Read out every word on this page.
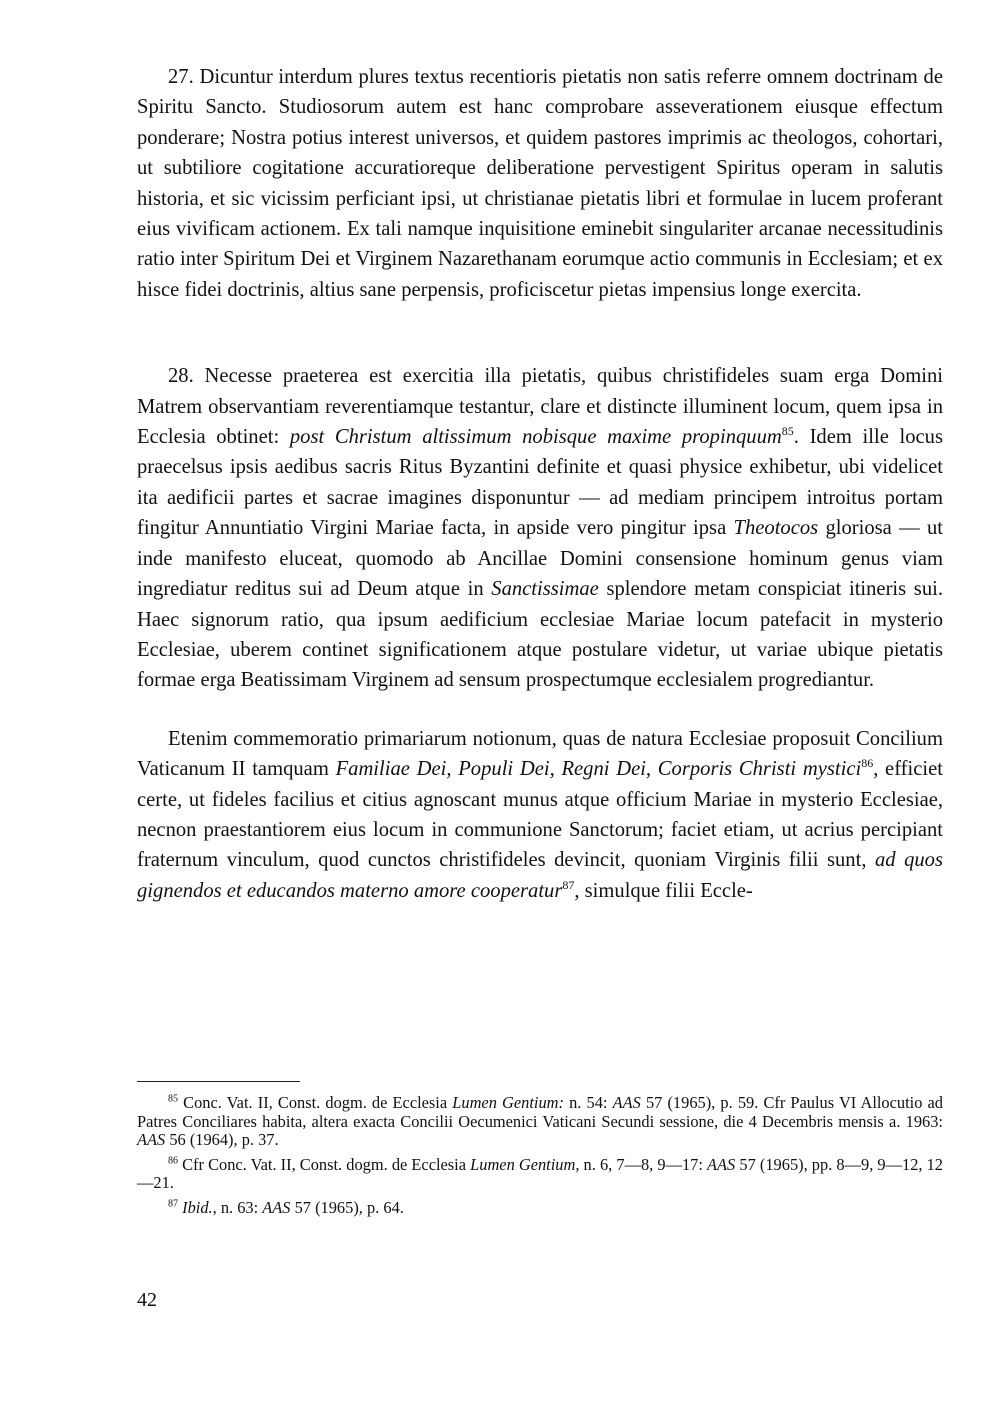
27. Dicuntur interdum plures textus recentioris pietatis non satis referre omnem doctrinam de Spiritu Sancto. Studiosorum autem est hanc comprobare asseverationem eiusque effectum ponderare; Nostra potius interest universos, et quidem pastores imprimis ac theologos, cohortari, ut subtiliore cogitatione accuratioreque deliberatione pervestigent Spiritus operam in salutis historia, et sic vicissim perficiant ipsi, ut christianae pietatis libri et formulae in lucem proferant eius vivificam actionem. Ex tali namque inquisitione eminebit singulariter arcanae necessitudinis ratio inter Spiritum Dei et Virginem Nazarethanam eorumque actio communis in Ecclesiam; et ex hisce fidei doctrinis, altius sane perpensis, proficiscetur pietas impensius longe exercita.

28. Necesse praeterea est exercitia illa pietatis, quibus christifideles suam erga Domini Matrem observantiam reverentiamque testantur, clare et distincte illuminent locum, quem ipsa in Ecclesia obtinet: post Christum altissimum nobisque maxime propinquum$^{85}$. Idem ille locus praecelsus ipsis aedibus sacris Ritus Byzantini definite et quasi physice exhibetur, ubi videlicet ita aedificii partes et sacrae imagines disponuntur — ad mediam principem introitus portam fingitur Annuntiatio Virgini Mariae facta, in apside vero pingitur ipsa Theotocos gloriosa — ut inde manifesto eluceat, quomodo ab Ancillae Domini consensione hominum genus viam ingrediatur reditus sui ad Deum atque in Sanctissimae splendore metam conspiciat itineris sui. Haec signorum ratio, qua ipsum aedificium ecclesiae Mariae locum patefacit in mysterio Ecclesiae, uberem continet significationem atque postulare videtur, ut variae ubique pietatis formae erga Beatissimam Virginem ad sensum prospectumque ecclesialem progrediantur.

Etenim commemoratio primariarum notionum, quas de natura Ecclesiae proposuit Concilium Vaticanum II tamquam Familiae Dei, Populi Dei, Regni Dei, Corporis Christi mystici$^{86}$, efficiet certe, ut fideles facilius et citius agnoscant munus atque officium Mariae in mysterio Ecclesiae, necnon praestantiorem eius locum in communione Sanctorum; faciet etiam, ut acrius percipiant fraternum vinculum, quod cunctos christifideles devincit, quoniam Virginis filii sunt, ad quos gignendos et educandos materno amore cooperatur$^{87}$, simulque filii Eccle-

$^{85}$ Conc. Vat. II, Const. dogm. de Ecclesia Lumen Gentium: n. 54: AAS 57 (1965), p. 59. Cfr Paulus VI Allocutio ad Patres Conciliares habita, altera exacta Concilii Oecumenici Vaticani Secundi sessione, die 4 Decembris mensis a. 1963: AAS 56 (1964), p. 37.

$^{86}$ Cfr Conc. Vat. II, Const. dogm. de Ecclesia Lumen Gentium, n. 6, 7—8, 9—17: AAS 57 (1965), pp. 8—9, 9—12, 12—21.

$^{87}$ Ibid., n. 63: AAS 57 (1965), p. 64.

42
